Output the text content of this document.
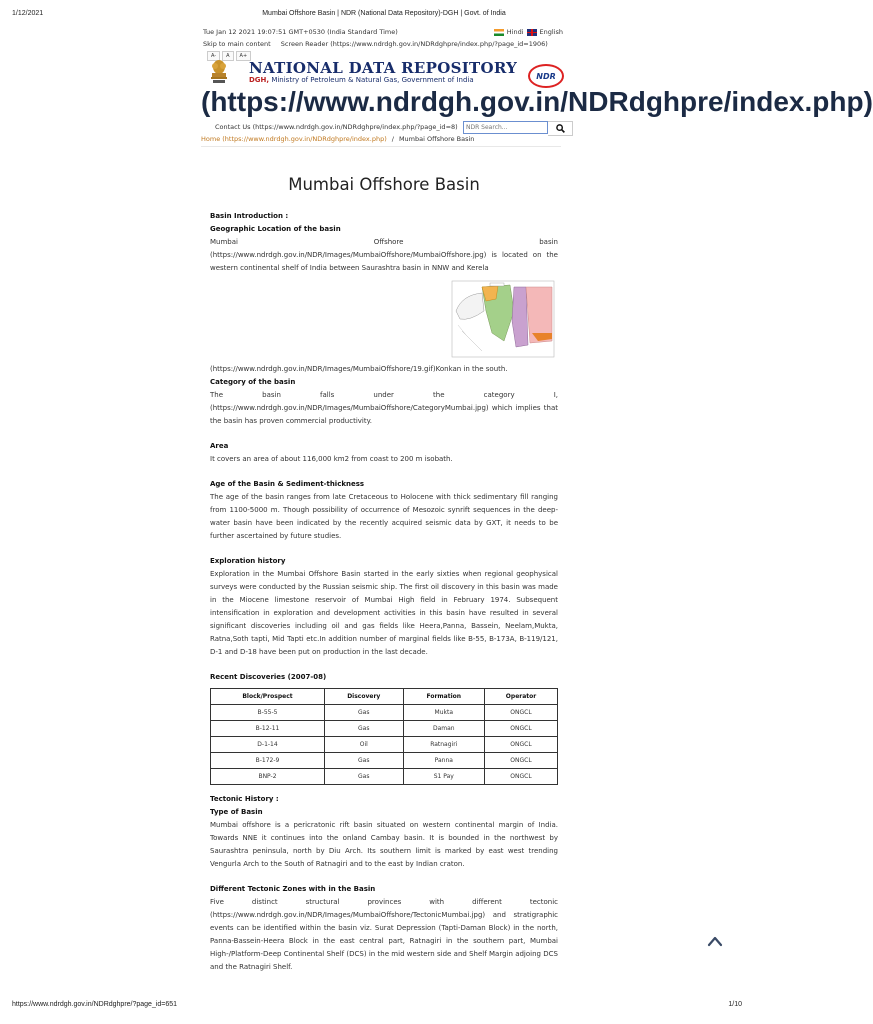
1/12/2021	Mumbai Offshore Basin | NDR (National Data Repository)-DGH | Govt. of India
Tue Jan 12 2021 19:07:51 GMT+0530 (India Standard Time)	Hindi English
Skip to main content Screen Reader (https://www.ndrdgh.gov.in/NDRdghpre/index.php/?page_id=1906)
A-	A	A+
NATIONAL DATA REPOSITORY
DGH, Ministry of Petroleum & Natural Gas, Government of India	NDR
(https://www.ndrdgh.gov.in/NDRdghpre/index.php)
Contact Us (https://www.ndrdgh.gov.in/NDRdghpre/index.php/?page_id=8)
NDR Search...
Home (https://www.ndrdgh.gov.in/NDRdghpre/index.php) / Mumbai Offshore Basin
Mumbai Offshore Basin
Basin Introduction :
Geographic Location of the basin

Mumbai Offshore basin (https://www.ndrdgh.gov.in/NDR/Images/MumbaiOffshore/MumbaiOffshore.jpg) is located on the western continental shelf of India between Saurashtra basin in NNW and Kerela

(https://www.ndrdgh.gov.in/NDR/Images/MumbaiOffshore/19.gif)Konkan in the south.

Category of the basin

The basin falls under the category I, (https://www.ndrdgh.gov.in/NDR/Images/MumbaiOffshore/CategoryMumbai.jpg) which implies that the basin has proven commercial productivity.

Area

It covers an area of about 116,000 km2 from coast to 200 m isobath.

Age of the Basin & Sediment-thickness

The age of the basin ranges from late Cretaceous to Holocene with thick sedimentary fill ranging from 1100-5000 m. Though possibility of occurrence of Mesozoic synrift sequences in the deep-water basin have been indicated by the recently acquired seismic data by GXT, it needs to be further ascertained by future studies.

Exploration history

Exploration in the Mumbai Offshore Basin started in the early sixties when regional geophysical surveys were conducted by the Russian seismic ship. The first oil discovery in this basin was made in the Miocene limestone reservoir of Mumbai High field in February 1974. Subsequent intensification in exploration and development activities in this basin have resulted in several significant discoveries including oil and gas fields like Heera,Panna, Bassein, Neelam,Mukta, Ratna,Soth tapti, Mid Tapti etc.In addition number of marginal fields like B-55, B-173A, B-119/121, D-1 and D-18 have been put on production in the last decade.

Recent Discoveries (2007-08)
Block/Prospect	Discovery	Formation	Operator
B-55-5	Gas	Mukta	ONGCL
B-12-11	Gas	Daman	ONGCL
D-1-14	Oil	Ratnagiri	ONGCL
B-172-9	Gas	Panna	ONGCL
BNP-2	Gas	S1 Pay	ONGCL
Tectonic History :
Type of Basin

Mumbai offshore is a pericratonic rift basin situated on western continental margin of India. Towards NNE it continues into the onland Cambay basin. It is bounded in the northwest by Saurashtra peninsula, north by Diu Arch. Its southern limit is marked by east west trending Vengurla Arch to the South of Ratnagiri and to the east by Indian craton.

Different Tectonic Zones with in the Basin

Five distinct structural provinces with different tectonic (https://www.ndrdgh.gov.in/NDR/Images/MumbaiOffshore/TectonicMumbai.jpg) and stratigraphic events can be identified within the basin viz. Surat Depression (Tapti-Daman Block) in the north, Panna-Bassein-Heera Block in the east central part, Ratnagiri in the southern part, Mumbai High-/Platform-Deep Continental Shelf (DCS) in the mid western side and Shelf Margin adjoing DCS and the Ratnagiri Shelf.

https://www.ndrdgh.gov.in/NDRdghpre/?page_id=651	1/10
